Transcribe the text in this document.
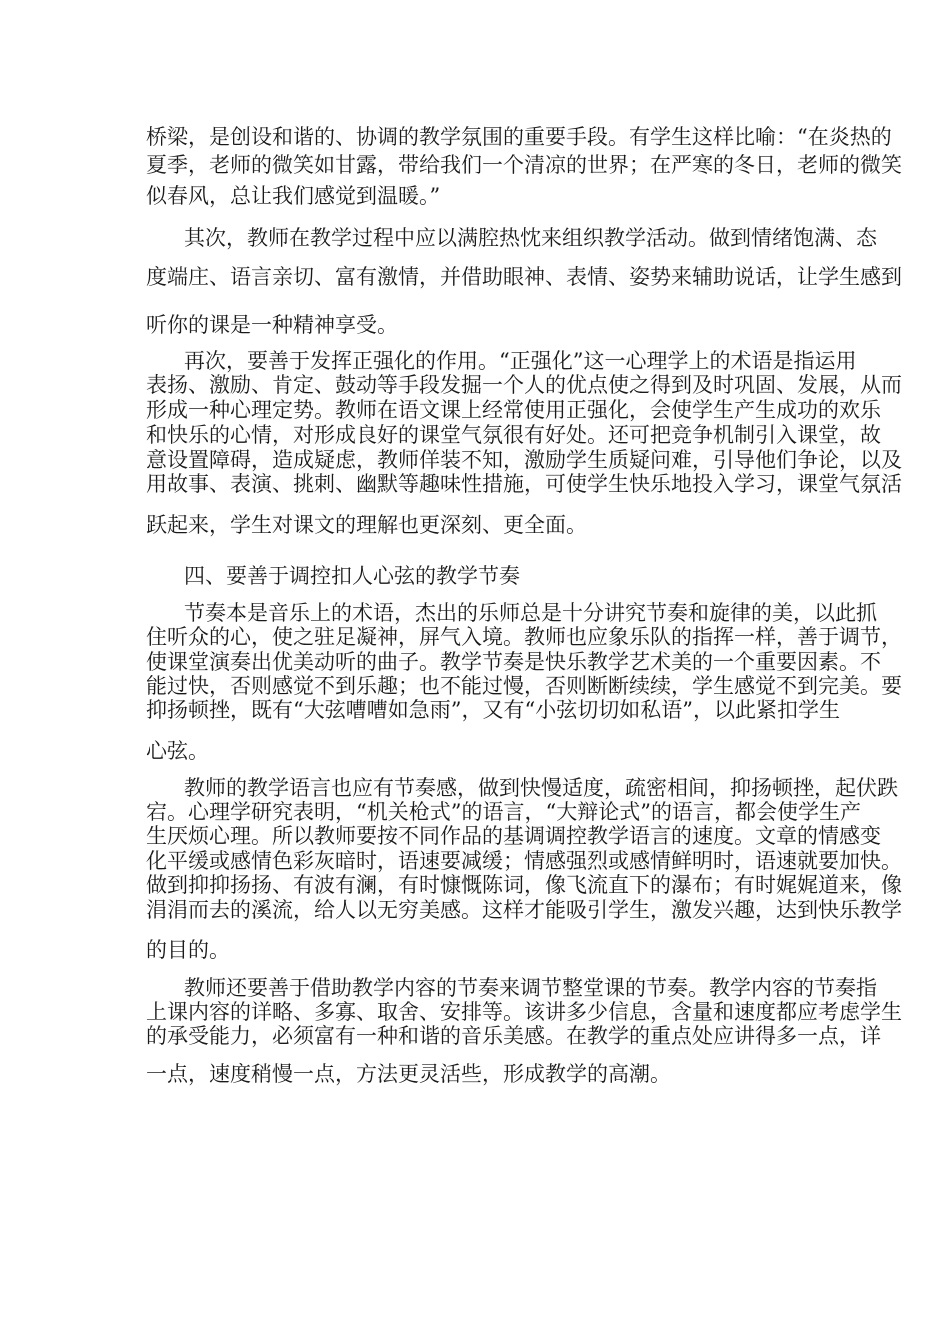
桥梁，是创设和谐的、协调的教学氛围的重要手段。有学生这样比喻：“在炎热的
夏季，老师的微笑如甘露，带给我们一个清凉的世界；在严寒的冬日，老师的微笑
似春风，总让我们感觉到温暖。”
其次，教师在教学过程中应以满腔热忱来组织教学活动。做到情绪饱满、态
度端庄、语言亲切、富有激情，并借助眼神、表情、姿势来辅助说话，让学生感到
听你的课是一种精神享受。
再次，要善于发挥正强化的作用。“正强化”这一心理学上的术语是指运用
表扬、激励、肯定、鼓动等手段发掘一个人的优点使之得到及时巩固、发展，从而
形成一种心理定势。教师在语文课上经常使用正强化，会使学生产生成功的欢乐
和快乐的心情，对形成良好的课堂气氛很有好处。还可把竞争机制引入课堂，故
意设置障碍，造成疑虑，教师佯装不知，激励学生质疑问难，引导他们争论，以及
用故事、表演、挑刺、幽默等趣味性措施，可使学生快乐地投入学习，课堂气氛活
跃起来，学生对课文的理解也更深刻、更全面。
四、要善于调控扣人心弦的教学节奏
节奏本是音乐上的术语，杰出的乐师总是十分讲究节奏和旋律的美，以此抓
住听众的心，使之驻足凝神，屏气入境。教师也应象乐队的指挥一样，善于调节，
使课堂演奏出优美动听的曲子。教学节奏是快乐教学艺术美的一个重要因素。不
能过快，否则感觉不到乐趣；也不能过慢，否则断断续续，学生感觉不到完美。要
抑扬顿挫，既有“大弦嘈嘈如急雨”，又有“小弦切切如私语”，以此紧扣学生
心弦。
教师的教学语言也应有节奏感，做到快慢适度，疏密相间，抑扬顿挫，起伏跌
宕。心理学研究表明，“机关枪式”的语言，“大辩论式”的语言，都会使学生产
生厌烦心理。所以教师要按不同作品的基调调控教学语言的速度。文章的情感变
化平缓或感情色彩灰暗时，语速要减缓；情感强烈或感情鲜明时，语速就要加快。
做到抑抑扬扬、有波有澜，有时慷慨陈词，像飞流直下的瀑布；有时娓娓道来，像
涓涓而去的溪流，给人以无穷美感。这样才能吸引学生，激发兴趣，达到快乐教学
的目的。
教师还要善于借助教学内容的节奏来调节整堂课的节奏。教学内容的节奏指
上课内容的详略、多寡、取舍、安排等。该讲多少信息，含量和速度都应考虑学生
的承受能力，必须富有一种和谐的音乐美感。在教学的重点处应讲得多一点，详
一点，速度稍慢一点，方法更灵活些，形成教学的高潮。
